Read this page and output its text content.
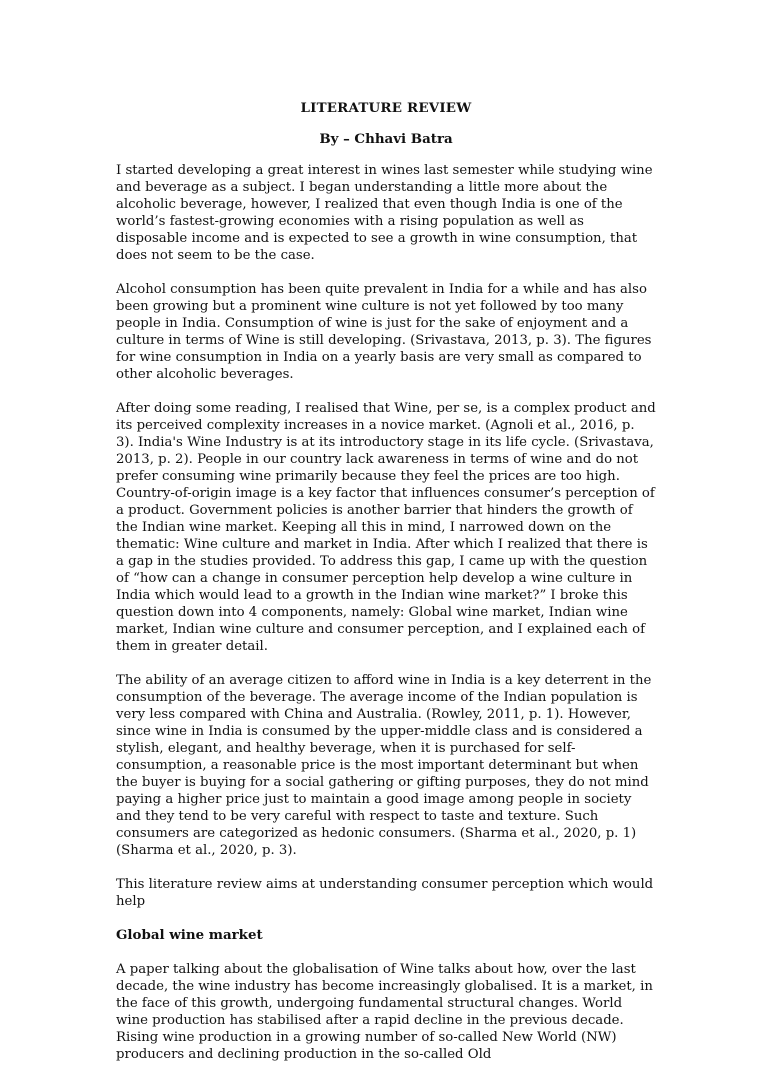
LITERATURE REVIEW
By – Chhavi Batra

I started developing a great interest in wines last semester while studying wine and beverage as a subject. I began understanding a little more about the alcoholic beverage, however, I realized that even though India is one of the world’s fastest-growing economies with a rising population as well as disposable income and is expected to see a growth in wine consumption, that does not seem to be the case.

Alcohol consumption has been quite prevalent in India for a while and has also been growing but a prominent wine culture is not yet followed by too many people in India. Consumption of wine is just for the sake of enjoyment and a culture in terms of Wine is still developing. (Srivastava, 2013, p. 3). The figures for wine consumption in India on a yearly basis are very small as compared to other alcoholic beverages.

After doing some reading, I realised that Wine, per se, is a complex product and its perceived complexity increases in a novice market. (Agnoli et al., 2016, p. 3). India's Wine Industry is at its introductory stage in its life cycle. (Srivastava, 2013, p. 2). People in our country lack awareness in terms of wine and do not prefer consuming wine primarily because they feel the prices are too high. Country-of-origin image is a key factor that influences consumer’s perception of a product. Government policies is another barrier that hinders the growth of the Indian wine market. Keeping all this in mind, I narrowed down on the thematic: Wine culture and market in India. After which I realized that there is a gap in the studies provided. To address this gap, I came up with the question of “how can a change in consumer perception help develop a wine culture in India which would lead to a growth in the Indian wine market?” I broke this question down into 4 components, namely: Global wine market, Indian wine market, Indian wine culture and consumer perception, and I explained each of them in greater detail.

The ability of an average citizen to afford wine in India is a key deterrent in the consumption of the beverage. The average income of the Indian population is very less compared with China and Australia. (Rowley, 2011, p. 1). However, since wine in India is consumed by the upper-middle class and is considered a stylish, elegant, and healthy beverage, when it is purchased for self-consumption, a reasonable price is the most important determinant but when the buyer is buying for a social gathering or gifting purposes, they do not mind paying a higher price just to maintain a good image among people in society and they tend to be very careful with respect to taste and texture. Such consumers are categorized as hedonic consumers. (Sharma et al., 2020, p. 1) (Sharma et al., 2020, p. 3).

This literature review aims at understanding consumer perception which would help

Global wine market

A paper talking about the globalisation of Wine talks about how, over the last decade, the wine industry has become increasingly globalised. It is a market, in the face of this growth, undergoing fundamental structural changes. World wine production has stabilised after a rapid decline in the previous decade. Rising wine production in a growing number of so-called New World (NW) producers and declining production in the so-called Old
